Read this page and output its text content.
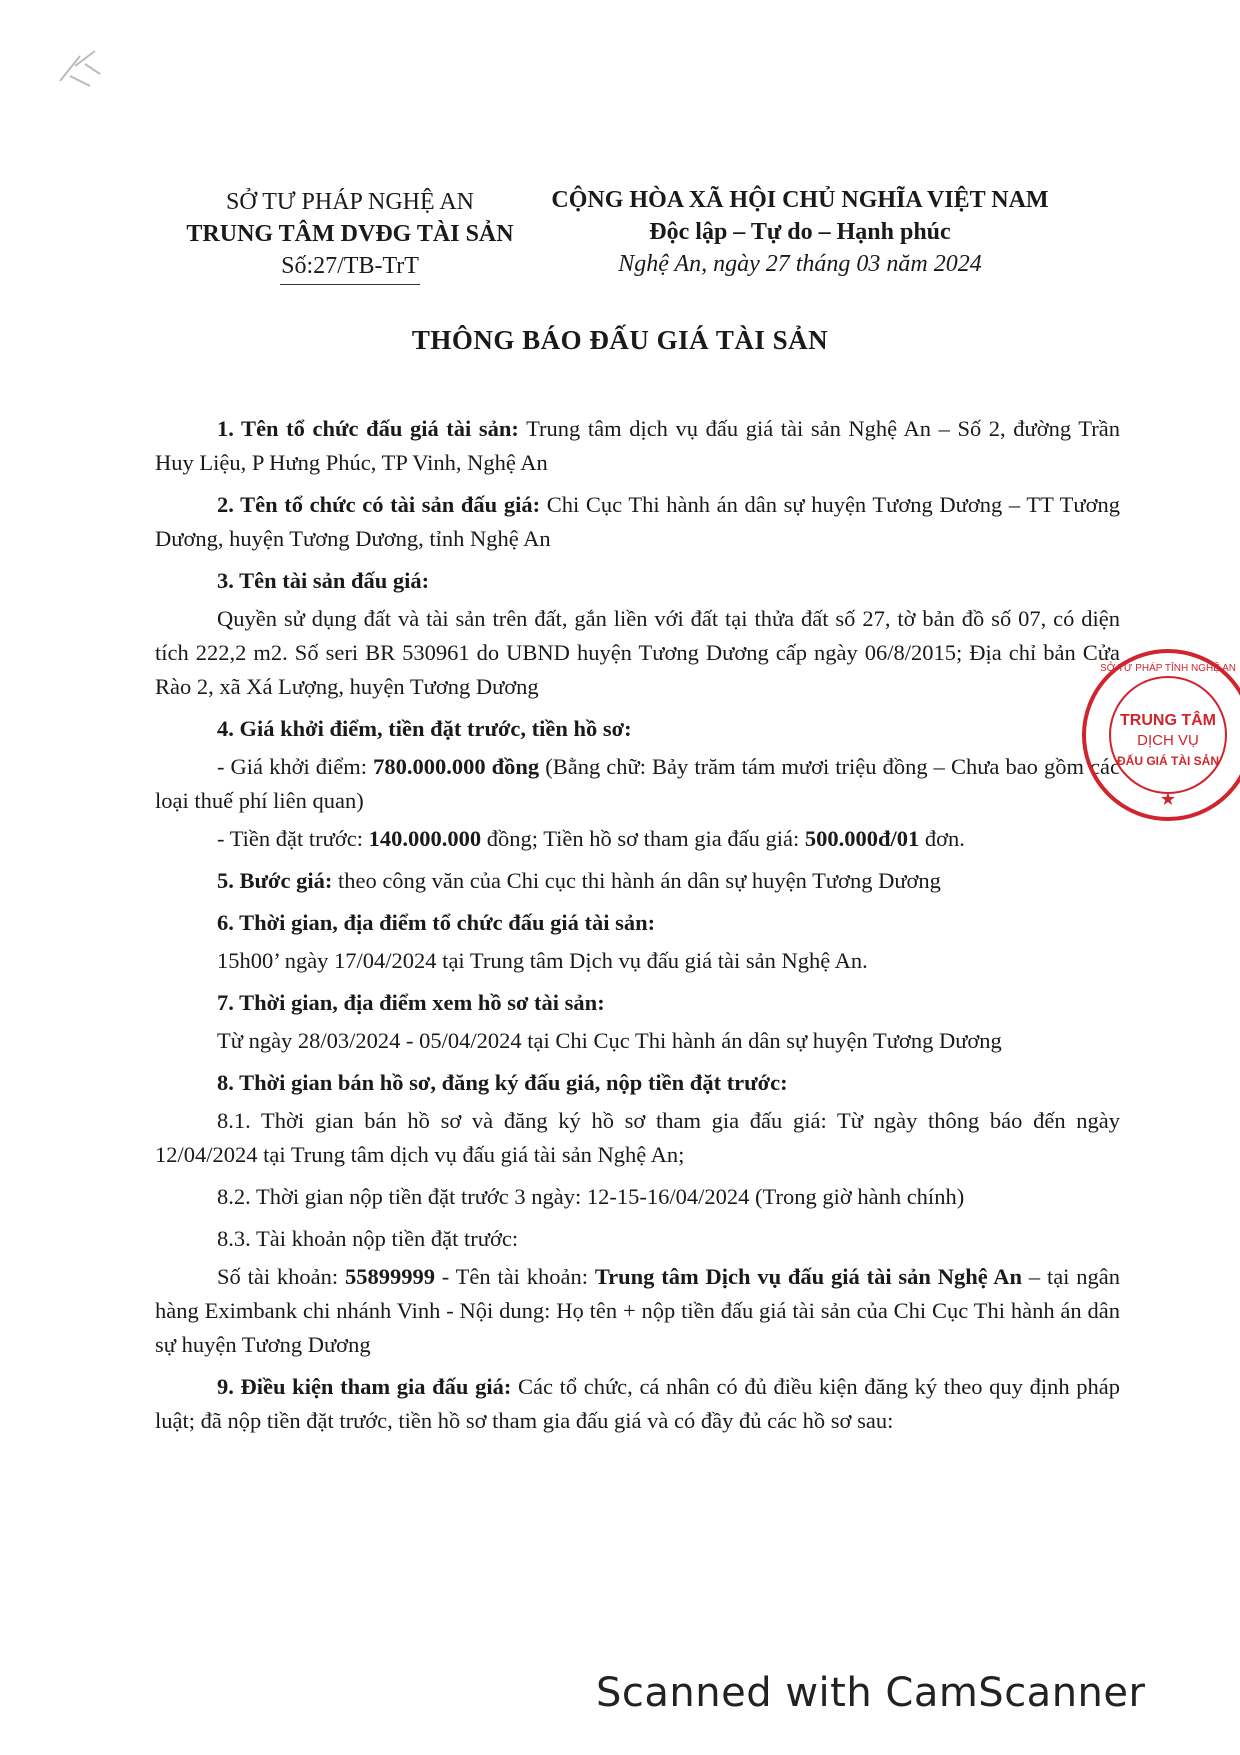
SỞ TƯ PHÁP NGHỆ AN
TRUNG TÂM DVĐG TÀI SẢN
Số:27/TB-TrT
CỘNG HÒA XÃ HỘI CHỦ NGHĨA VIỆT NAM
Độc lập – Tự do – Hạnh phúc
Nghệ An, ngày 27 tháng 03 năm 2024
THÔNG BÁO ĐẤU GIÁ TÀI SẢN

1. Tên tổ chức đấu giá tài sản: Trung tâm dịch vụ đấu giá tài sản Nghệ An – Số 2, đường Trần Huy Liệu, P Hưng Phúc, TP Vinh, Nghệ An

2. Tên tổ chức có tài sản đấu giá: Chi Cục Thi hành án dân sự huyện Tương Dương – TT Tương Dương, huyện Tương Dương, tỉnh Nghệ An

3. Tên tài sản đấu giá:

Quyền sử dụng đất và tài sản trên đất, gắn liền với đất tại thửa đất số 27, tờ bản đồ số 07, có diện tích 222,2 m2. Số seri BR 530961 do UBND huyện Tương Dương cấp ngày 06/8/2015; Địa chỉ bản Cửa Rào 2, xã Xá Lượng, huyện Tương Dương

4. Giá khởi điểm, tiền đặt trước, tiền hồ sơ:

- Giá khởi điểm: 780.000.000 đồng (Bằng chữ: Bảy trăm tám mươi triệu đồng – Chưa bao gồm các loại thuế phí liên quan)

- Tiền đặt trước: 140.000.000 đồng; Tiền hồ sơ tham gia đấu giá: 500.000đ/01 đơn.

5. Bước giá: theo công văn của Chi cục thi hành án dân sự huyện Tương Dương

6. Thời gian, địa điểm tổ chức đấu giá tài sản:

15h00’ ngày 17/04/2024 tại Trung tâm Dịch vụ đấu giá tài sản Nghệ An.

7. Thời gian, địa điểm xem hồ sơ tài sản:

Từ ngày 28/03/2024 - 05/04/2024 tại Chi Cục Thi hành án dân sự huyện Tương Dương

8. Thời gian bán hồ sơ, đăng ký đấu giá, nộp tiền đặt trước:

8.1. Thời gian bán hồ sơ và đăng ký hồ sơ tham gia đấu giá: Từ ngày thông báo đến ngày 12/04/2024 tại Trung tâm dịch vụ đấu giá tài sản Nghệ An;

8.2. Thời gian nộp tiền đặt trước 3 ngày: 12-15-16/04/2024 (Trong giờ hành chính)

8.3. Tài khoản nộp tiền đặt trước:

Số tài khoản: 55899999 - Tên tài khoản: Trung tâm Dịch vụ đấu giá tài sản Nghệ An – tại ngân hàng Eximbank chi nhánh Vinh - Nội dung: Họ tên + nộp tiền đấu giá tài sản của Chi Cục Thi hành án dân sự huyện Tương Dương

9. Điều kiện tham gia đấu giá: Các tổ chức, cá nhân có đủ điều kiện đăng ký theo quy định pháp luật; đã nộp tiền đặt trước, tiền hồ sơ tham gia đấu giá và có đầy đủ các hồ sơ sau:

TRUNG TÂM
DỊCH VỤ
ĐẤU GIÁ TÀI SẢN
★
SỞ TƯ PHÁP TỈNH NGHỆ AN
Scanned with CamScanner
